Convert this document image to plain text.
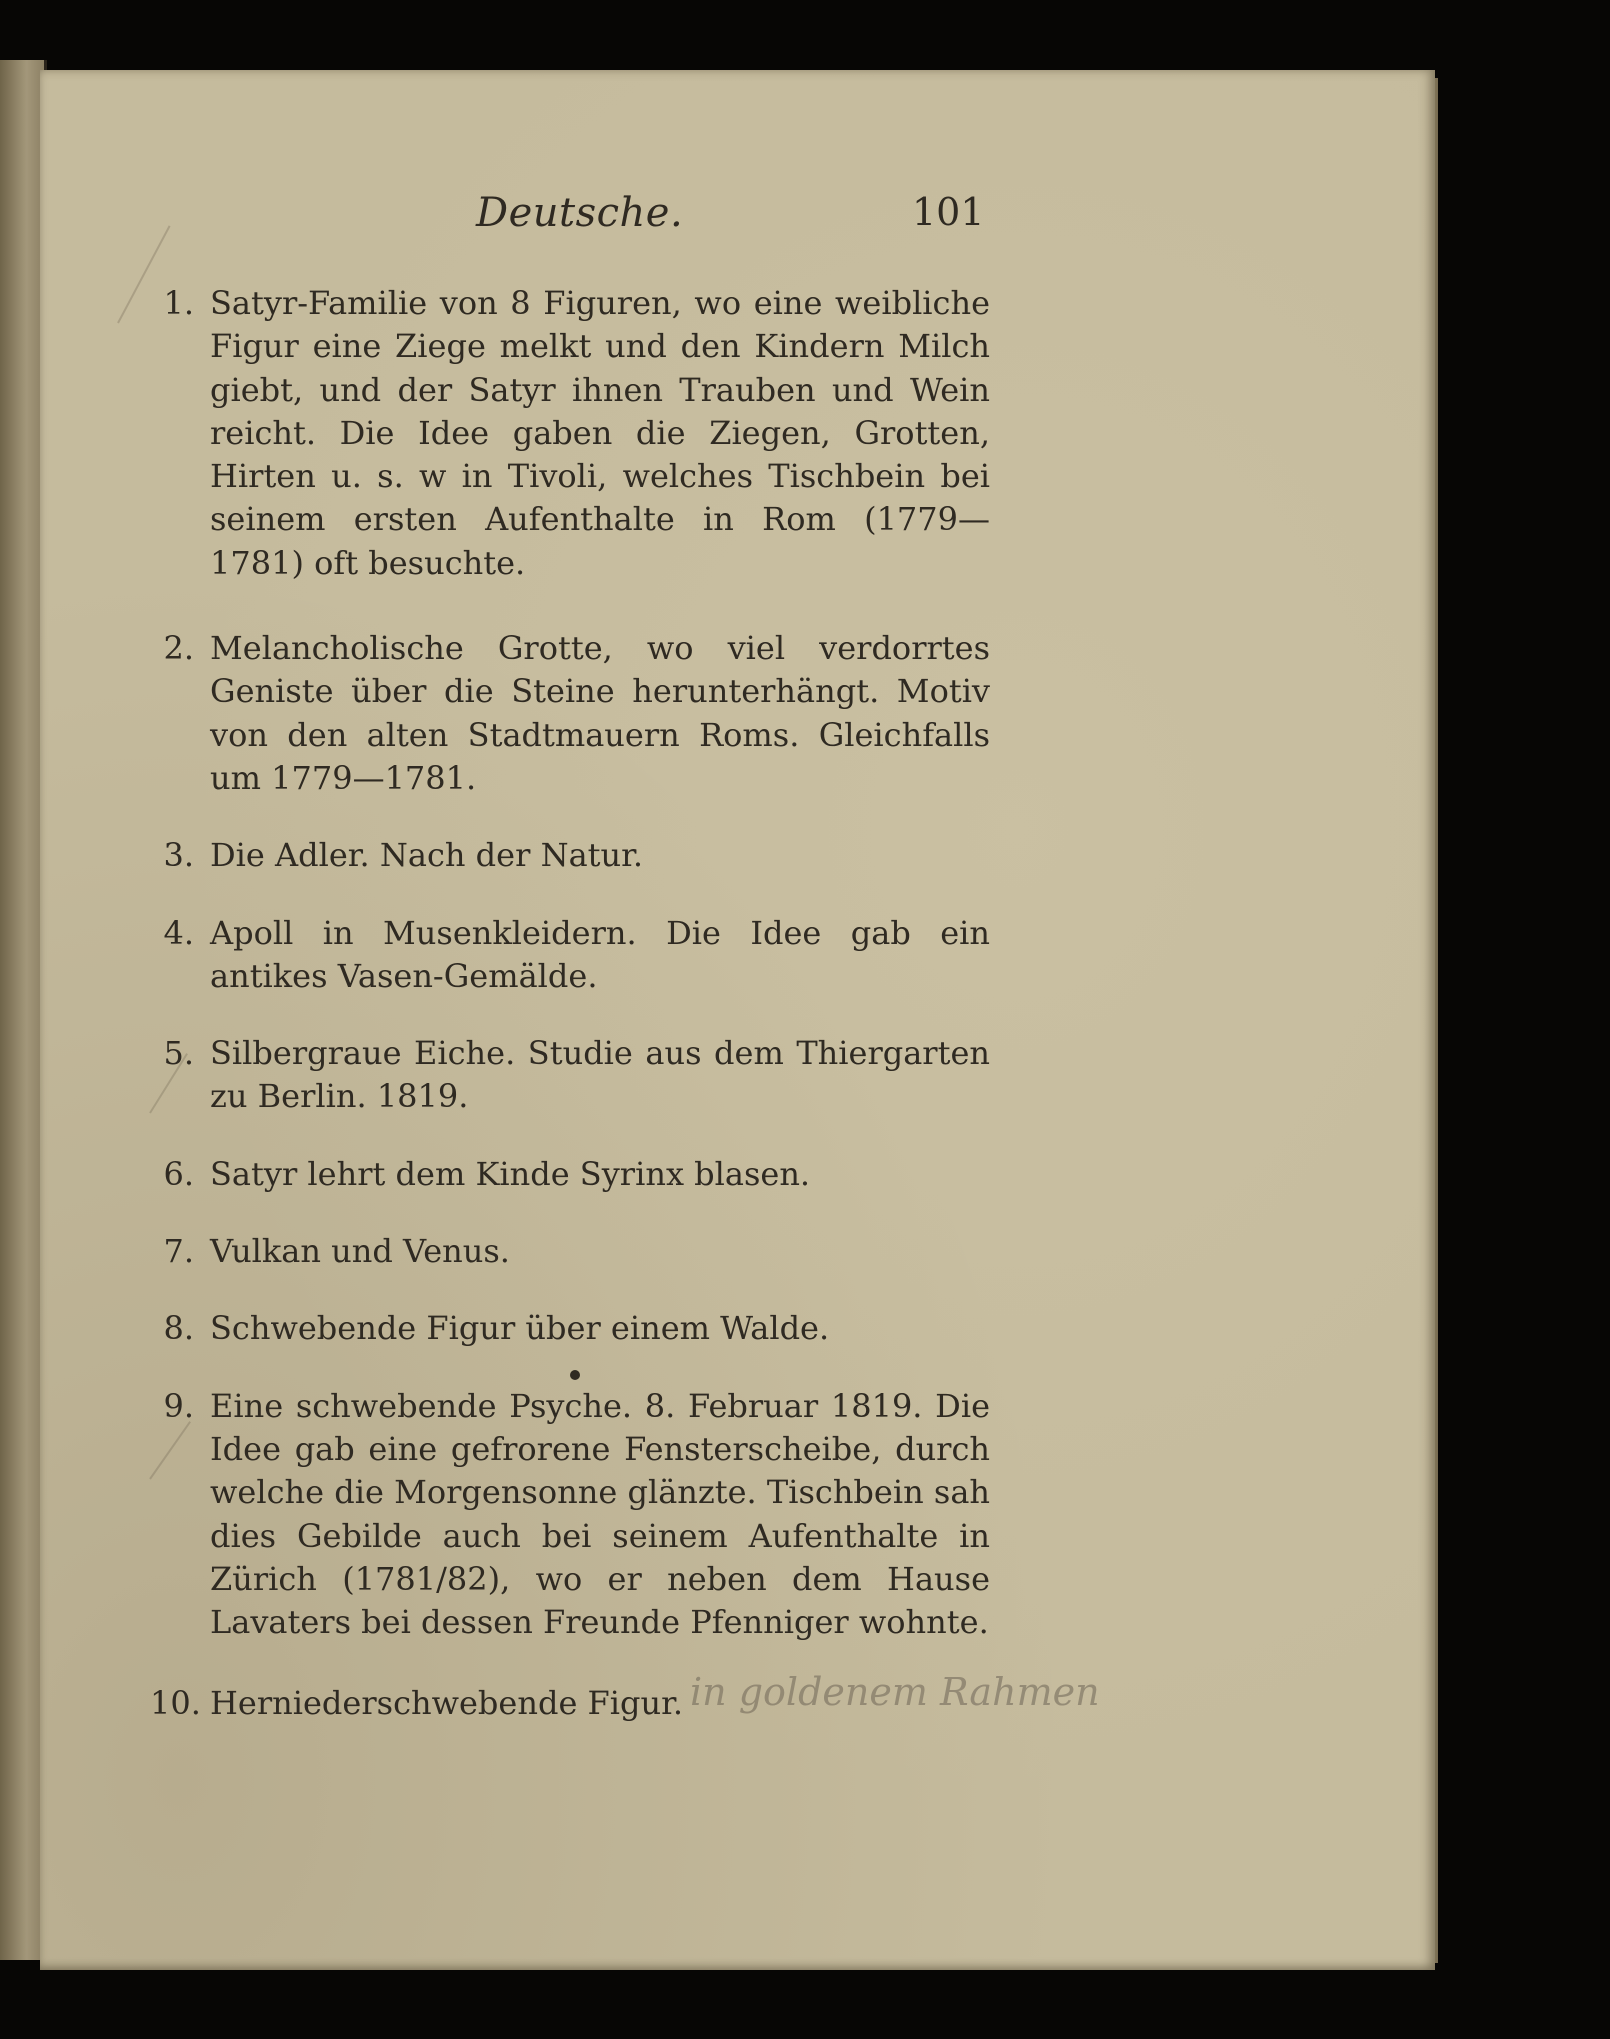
Deutsche.	101
1. Satyr-Familie von 8 Figuren, wo eine weibliche Figur eine Ziege melkt und den Kindern Milch giebt, und der Satyr ihnen Trauben und Wein reicht. Die Idee gaben die Ziegen, Grotten, Hirten u. s. w in Tivoli, welches Tischbein bei seinem ersten Aufenthalte in Rom (1779—1781) oft besuchte.
2. Melancholische Grotte, wo viel verdorrtes Geniste über die Steine herunterhängt. Motiv von den alten Stadtmauern Roms. Gleichfalls um 1779—1781.
3. Die Adler. Nach der Natur.
4. Apoll in Musenkleidern. Die Idee gab ein antikes Vasen-Gemälde.
5. Silbergraue Eiche. Studie aus dem Thiergarten zu Berlin. 1819.
6. Satyr lehrt dem Kinde Syrinx blasen.
7. Vulkan und Venus.
8. Schwebende Figur über einem Walde.
9. Eine schwebende Psyche. 8. Februar 1819. Die Idee gab eine gefrorene Fensterscheibe, durch welche die Morgensonne glänzte. Tischbein sah dies Gebilde auch bei seinem Aufenthalte in Zürich (1781/82), wo er neben dem Hause Lavaters bei dessen Freunde Pfenniger wohnte.
10. Herniederschwebende Figur. in goldenem Rahmen
